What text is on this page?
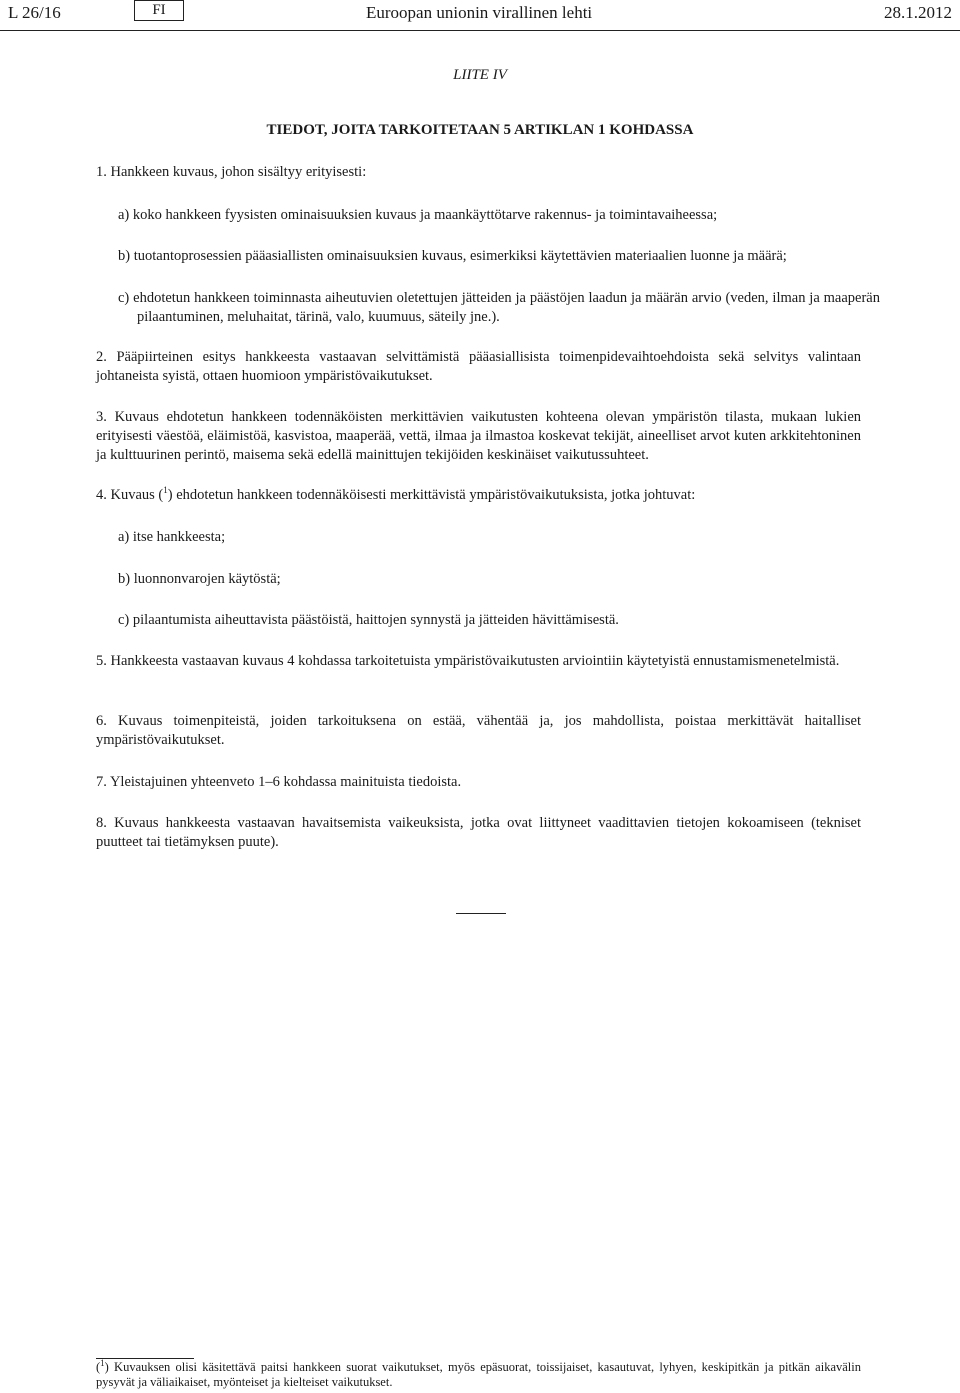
L 26/16	FI	Euroopan unionin virallinen lehti	28.1.2012
LIITE IV
TIEDOT, JOITA TARKOITETAAN 5 ARTIKLAN 1 KOHDASSA
1. Hankkeen kuvaus, johon sisältyy erityisesti:
a) koko hankkeen fyysisten ominaisuuksien kuvaus ja maankäyttötarve rakennus- ja toimintavaiheessa;
b) tuotantoprosessien pääasiallisten ominaisuuksien kuvaus, esimerkiksi käytettävien materiaalien luonne ja määrä;
c) ehdotetun hankkeen toiminnasta aiheutuvien oletettujen jätteiden ja päästöjen laadun ja määrän arvio (veden, ilman ja maaperän pilaantuminen, meluhaitat, tärinä, valo, kuumuus, säteily jne.).
2. Pääpiirteinen esitys hankkeesta vastaavan selvittämistä pääasiallisista toimenpidevaihtoehdoista sekä selvitys valintaan johtaneista syistä, ottaen huomioon ympäristövaikutukset.
3. Kuvaus ehdotetun hankkeen todennäköisten merkittävien vaikutusten kohteena olevan ympäristön tilasta, mukaan lukien erityisesti väestöä, eläimistöä, kasvistoa, maaperää, vettä, ilmaa ja ilmastoa koskevat tekijät, aineelliset arvot kuten arkkitehtoninen ja kulttuurinen perintö, maisema sekä edellä mainittujen tekijöiden keskinäiset vaikutussuhteet.
4. Kuvaus ($^1$) ehdotetun hankkeen todennäköisesti merkittävistä ympäristövaikutuksista, jotka johtuvat:
a) itse hankkeesta;
b) luonnonvarojen käytöstä;
c) pilaantumista aiheuttavista päästöistä, haittojen synnystä ja jätteiden hävittämisestä.
5. Hankkeesta vastaavan kuvaus 4 kohdassa tarkoitetuista ympäristövaikutusten arviointiin käytetyistä ennustamismenetelmistä.
6. Kuvaus toimenpiteistä, joiden tarkoituksena on estää, vähentää ja, jos mahdollista, poistaa merkittävät haitalliset ympäristövaikutukset.
7. Yleistajuinen yhteenveto 1–6 kohdassa mainituista tiedoista.
8. Kuvaus hankkeesta vastaavan havaitsemista vaikeuksista, jotka ovat liittyneet vaadittavien tietojen kokoamiseen (tekniset puutteet tai tietämyksen puute).
($^1$) Kuvauksen olisi käsitettävä paitsi hankkeen suorat vaikutukset, myös epäsuorat, toissijaiset, kasautuvat, lyhyen, keskipitkän ja pitkän aikavälin pysyvät ja väliaikaiset, myönteiset ja kielteiset vaikutukset.
